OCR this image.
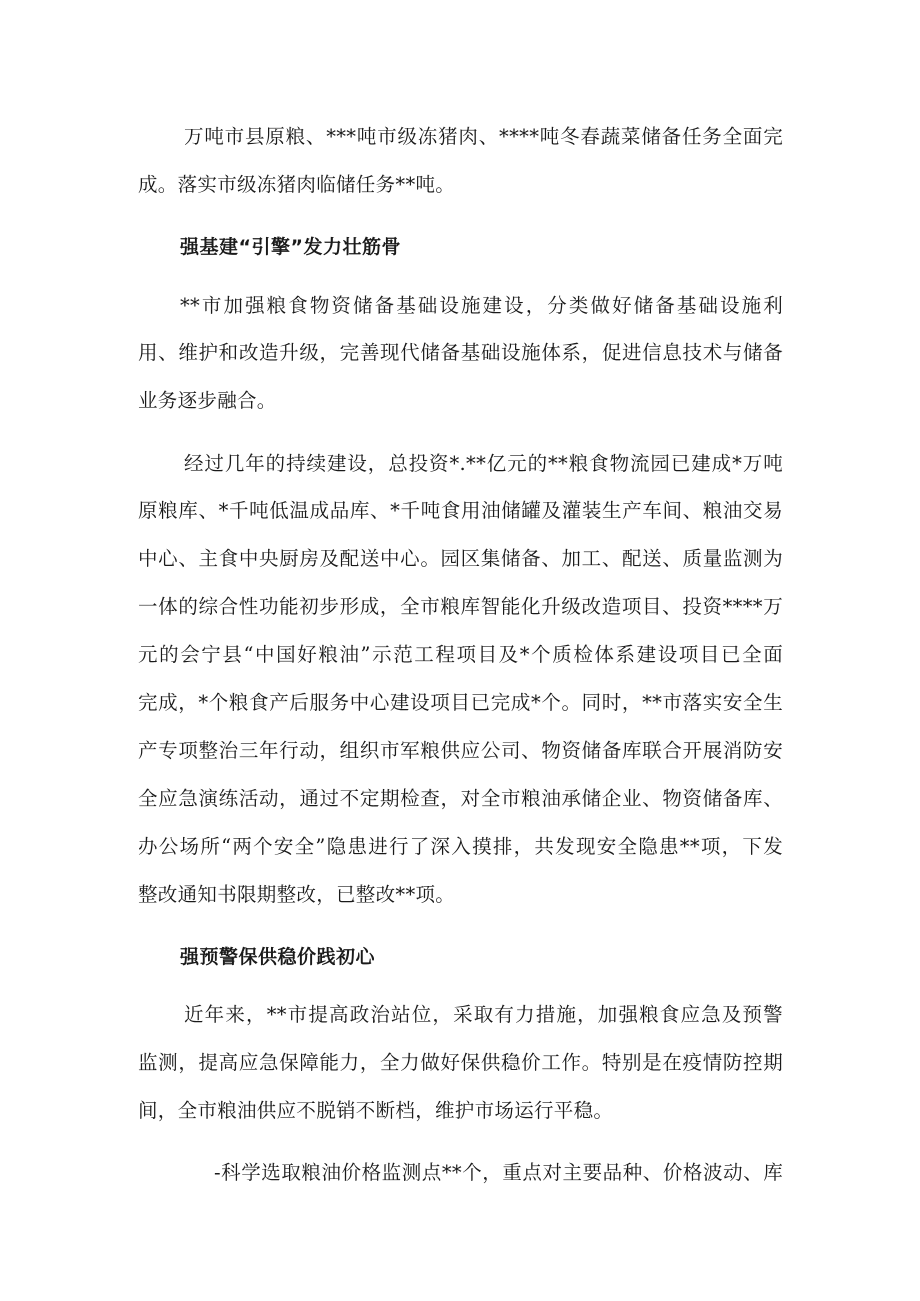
万吨市县原粮、***吨市级冻猪肉、****吨冬春蔬菜储备任务全面完
成。落实市级冻猪肉临储任务**吨。
强基建“引擎”发力壮筋骨
**市加强粮食物资储备基础设施建设，分类做好储备基础设施利
用、维护和改造升级，完善现代储备基础设施体系，促进信息技术与储备
业务逐步融合。
经过几年的持续建设，总投资*.**亿元的**粮食物流园已建成*万吨
原粮库、*千吨低温成品库、*千吨食用油储罐及灌装生产车间、粮油交易
中心、主食中央厨房及配送中心。园区集储备、加工、配送、质量监测为
一体的综合性功能初步形成，全市粮库智能化升级改造项目、投资****万
元的会宁县“中国好粮油”示范工程项目及*个质检体系建设项目已全面
完成，*个粮食产后服务中心建设项目已完成*个。同时，**市落实安全生
产专项整治三年行动，组织市军粮供应公司、物资储备库联合开展消防安
全应急演练活动，通过不定期检查，对全市粮油承储企业、物资储备库、
办公场所“两个安全”隐患进行了深入摸排，共发现安全隐患**项，下发
整改通知书限期整改，已整改**项。
强预警保供稳价践初心
近年来，**市提高政治站位，采取有力措施，加强粮食应急及预警
监测，提高应急保障能力，全力做好保供稳价工作。特别是在疫情防控期
间，全市粮油供应不脱销不断档，维护市场运行平稳。
-科学选取粮油价格监测点**个，重点对主要品种、价格波动、库
